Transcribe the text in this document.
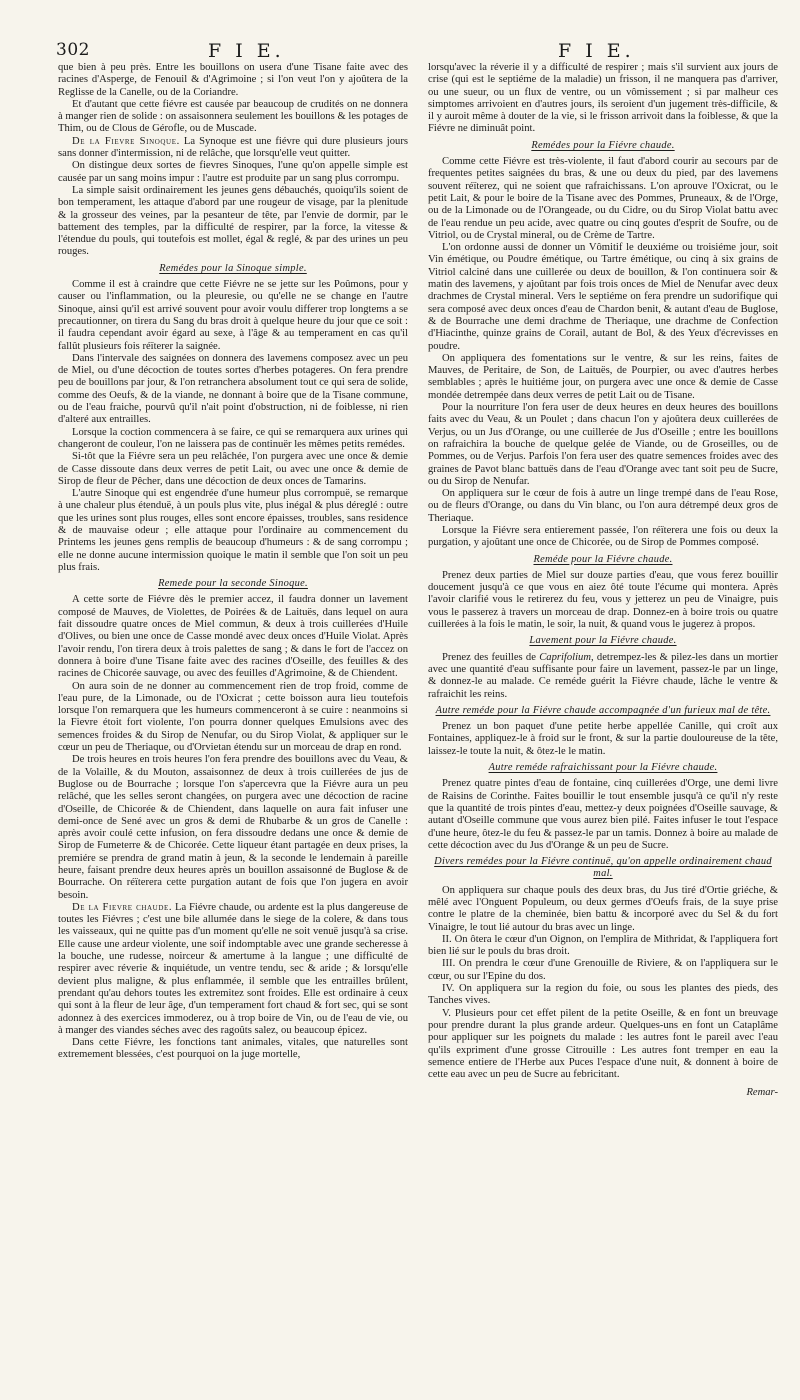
302	F I E.	F I E.

que bien à peu près. Entre les bouillons on usera d'une Tisane faite avec des racines d'Asperge, de Fenouil & d'Agrimoine ; si l'on veut l'on y ajoûtera de la Reglisse de la Canelle, ou de la Coriandre.

Et d'autant que cette fiévre est causée par beaucoup de crudités on ne donnera à manger rien de solide : on assaisonnera seulement les bouillons & les potages de Thim, ou de Clous de Gérofle, ou de Muscade.

De la Fievre Sinoque. La Synoque est une fiévre qui dure plusieurs jours sans donner d'intermission, ni de relâche, que lorsqu'elle veut quitter.

On distingue deux sortes de fievres Sinoques, l'une qu'on appelle simple est causée par un sang moins impur : l'autre est produite par un sang plus corrompu.

La simple saisit ordinairement les jeunes gens débauchés, quoiqu'ils soient de bon temperament, les attaque d'abord par une rougeur de visage, par la plenitude & la grosseur des veines, par la pesanteur de tête, par l'envie de dormir, par le battement des temples, par la difficulté de respirer, par la force, la vitesse & l'étendue du pouls, qui toutefois est mollet, égal & reglé, & par des urines un peu rouges.

Remédes pour la Sinoque simple.

Comme il est à craindre que cette Fiévre ne se jette sur les Poûmons, pour y causer ou l'inflammation, ou la pleuresie, ou qu'elle ne se change en l'autre Sinoque, ainsi qu'il est arrivé souvent pour avoir voulu differer trop longtems a se precautionner, on tirera du Sang du bras droit à quelque heure du jour que ce soit : il faudra cependant avoir égard au sexe, à l'âge & au temperament en cas qu'il fallût plusieurs fois réïterer la saignée.

Dans l'intervale des saignées on donnera des lavemens composez avec un peu de Miel, ou d'une décoction de toutes sortes d'herbes potageres. On fera prendre peu de bouillons par jour, & l'on retranchera absolument tout ce qui sera de solide, comme des Oeufs, & de la viande, ne donnant à boire que de la Tisane commune, ou de l'eau fraiche, pourvû qu'il n'ait point d'obstruction, ni de foiblesse, ni rien d'alteré aux entrailles.

Lorsque la coction commencera à se faire, ce qui se remarquera aux urines qui changeront de couleur, l'on ne laissera pas de continuër les mêmes petits remédes.

Si-tôt que la Fiévre sera un peu relâchée, l'on purgera avec une once & demie de Casse dissoute dans deux verres de petit Lait, ou avec une once & demie de Sirop de fleur de Pêcher, dans une décoction de deux onces de Tamarins.

L'autre Sinoque qui est engendrée d'une humeur plus corrompuë, se remarque à une chaleur plus étenduë, à un pouls plus vite, plus inégal & plus déreglé : outre que les urines sont plus rouges, elles sont encore épaisses, troubles, sans residence & de mauvaise odeur ; elle attaque pour l'ordinaire au commencement du Printems les jeunes gens remplis de beaucoup d'humeurs : & de sang corrompu ; elle ne donne aucune intermission quoique le matin il semble que l'on soit un peu plus frais.

Remede pour la seconde Sinoque.

A cette sorte de Fiévre dès le premier accez, il faudra donner un lavement composé de Mauves, de Violettes, de Poirées & de Laituës, dans lequel on aura fait dissoudre quatre onces de Miel commun, & deux à trois cuillerées d'Huile d'Olives, ou bien une once de Casse mondé avec deux onces d'Huile Violat. Après l'avoir rendu, l'on tirera deux à trois palettes de sang ; & dans le fort de l'accez on donnera à boire d'une Tisane faite avec des racines d'Oseille, des feuilles & des racines de Chicorée sauvage, ou avec des feuilles d'Agrimoine, & de Chiendent.

On aura soin de ne donner au commencement rien de trop froid, comme de l'eau pure, de la Limonade, ou de l'Oxicrat ; cette boisson aura lieu toutefois lorsque l'on remarquera que les humeurs commenceront à se cuire : neanmoins si la Fievre étoit fort violente, l'on pourra donner quelques Emulsions avec des semences froides & du Sirop de Nenufar, ou du Sirop Violat, & appliquer sur le cœur un peu de Theriaque, ou d'Orvietan étendu sur un morceau de drap en rond.

De trois heures en trois heures l'on fera prendre des bouillons avec du Veau, & de la Volaille, & du Mouton, assaisonnez de deux à trois cuillerées de jus de Buglose ou de Bourrache ; lorsque l'on s'apercevra que la Fiévre aura un peu relâché, que les selles seront changées, on purgera avec une décoction de racine d'Oseille, de Chicorée & de Chiendent, dans laquelle on aura fait infuser une demi-once de Sené avec un gros & demi de Rhubarbe & un gros de Canelle : après avoir coulé cette infusion, on fera dissoudre dedans une once & demie de Sirop de Fumeterre & de Chicorée. Cette liqueur étant partagée en deux prises, la premiére se prendra de grand matin à jeun, & la seconde le lendemain à pareille heure, faisant prendre deux heures après un bouillon assaisonné de Buglose & de Bourrache. On réïterera cette purgation autant de fois que l'on jugera en avoir besoin.

De la Fievre chaude. La Fiévre chaude, ou ardente est la plus dangereuse de toutes les Fiévres ; c'est une bile allumée dans le siege de la colere, & dans tous les vaisseaux, qui ne quitte pas d'un moment qu'elle ne soit venuë jusqu'à sa crise. Elle cause une ardeur violente, une soif indomptable avec une grande secheresse à la bouche, une rudesse, noirceur & amertume à la langue ; une difficulté de respirer avec réverie & inquiétude, un ventre tendu, sec & aride ; & lorsqu'elle devient plus maligne, & plus enflammée, il semble que les entrailles brûlent, prendant qu'au dehors toutes les extremitez sont froides. Elle est ordinaire à ceux qui sont à la fleur de leur âge, d'un temperament fort chaud & fort sec, qui se sont adonnez à des exercices immoderez, ou à trop boire de Vin, ou de l'eau de vie, ou à manger des viandes séches avec des ragoûts salez, ou beaucoup épicez.

Dans cette Fiévre, les fonctions tant animales, vitales, que naturelles sont extremement blessées, c'est pourquoi on la juge mortelle,

lorsqu'avec la réverie il y a difficulté de respirer ; mais s'il survient aux jours de crise (qui est le septiéme de la maladie) un frisson, il ne manquera pas d'arriver, ou une sueur, ou un flux de ventre, ou un vômissement ; si par malheur ces simptomes arrivoient en d'autres jours, ils seroient d'un jugement très-difficile, & il y auroit même à douter de la vie, si le frisson arrivoit dans la foiblesse, & que la Fiévre ne diminuât point.

Remédes pour la Fiévre chaude.

Comme cette Fiévre est très-violente, il faut d'abord courir au secours par de frequentes petites saignées du bras, & une ou deux du pied, par des lavemens souvent réïterez, qui ne soient que rafraichissans. L'on aprouve l'Oxicrat, ou le petit Lait, & pour le boire de la Tisane avec des Pommes, Pruneaux, & de l'Orge, ou de la Limonade ou de l'Orangeade, ou du Cidre, ou du Sirop Violat battu avec de l'eau rendue un peu acide, avec quatre ou cinq goutes d'esprit de Soufre, ou de Vitriol, ou de Crystal mineral, ou de Crème de Tartre.

L'on ordonne aussi de donner un Vômitif le deuxiéme ou troisiéme jour, soit Vin émétique, ou Poudre émétique, ou Tartre émétique, ou cinq à six grains de Vitriol calciné dans une cuillerée ou deux de bouillon, & l'on continuera soir & matin des lavemens, y ajoûtant par fois trois onces de Miel de Nenufar avec deux drachmes de Crystal mineral. Vers le septiéme on fera prendre un sudorifique qui sera composé avec deux onces d'eau de Chardon benit, & autant d'eau de Buglose, & de Bourrache une demi drachme de Theriaque, une drachme de Confection d'Hiacinthe, quinze grains de Corail, autant de Bol, & des Yeux d'écrevisses en poudre.

On appliquera des fomentations sur le ventre, & sur les reins, faites de Mauves, de Peritaire, de Son, de Laituës, de Pourpier, ou avec d'autres herbes semblables ; après le huitiéme jour, on purgera avec une once & demie de Casse mondée detrempée dans deux verres de petit Lait ou de Tisane.

Pour la nourriture l'on fera user de deux heures en deux heures des bouillons faits avec du Veau, & un Poulet ; dans chacun l'on y ajoûtera deux cuillerées de Verjus, ou un Jus d'Orange, ou une cuillerée de Jus d'Oseille ; entre les bouillons on rafraichira la bouche de quelque gelée de Viande, ou de Groseilles, ou de Pommes, ou de Verjus. Parfois l'on fera user des quatre semences froides avec des graines de Pavot blanc battuës dans de l'eau d'Orange avec tant soit peu de Sucre, ou du Sirop de Nenufar.

On appliquera sur le cœur de fois à autre un linge trempé dans de l'eau Rose, ou de fleurs d'Orange, ou dans du Vin blanc, ou l'on aura détrempé deux gros de Theriaque.

Lorsque la Fiévre sera entierement passée, l'on réïterera une fois ou deux la purgation, y ajoûtant une once de Chicorée, ou de Sirop de Pommes composé.

Reméde pour la Fiévre chaude.

Prenez deux parties de Miel sur douze parties d'eau, que vous ferez bouillir doucement jusqu'à ce que vous en aiez ôté toute l'écume qui montera. Après l'avoir clarifié vous le retirerez du feu, vous y jetterez un peu de Vinaigre, puis vous le passerez à travers un morceau de drap. Donnez-en à boire trois ou quatre cuillerées à la fois le matin, le soir, la nuit, & quand vous le jugerez à propos.

Lavement pour la Fiévre chaude.

Prenez des feuilles de Caprifolium, detrempez-les & pilez-les dans un mortier avec une quantité d'eau suffisante pour faire un lavement, passez-le par un linge, & donnez-le au malade. Ce reméde guérit la Fiévre chaude, lâche le ventre & rafraichit les reins.

Autre reméde pour la Fiévre chaude accompagnée d'un furieux mal de tête.

Prenez un bon paquet d'une petite herbe appellée Canille, qui croît aux Fontaines, appliquez-le à froid sur le front, & sur la partie douloureuse de la tête, laissez-le toute la nuit, & ôtez-le le matin.

Autre reméde rafraichissant pour la Fiévre chaude.

Prenez quatre pintes d'eau de fontaine, cinq cuillerées d'Orge, une demi livre de Raisins de Corinthe. Faites bouillir le tout ensemble jusqu'à ce qu'il n'y reste que la quantité de trois pintes d'eau, mettez-y deux poignées d'Oseille sauvage, & autant d'Oseille commune que vous aurez bien pilé. Faites infuser le tout l'espace d'une heure, ôtez-le du feu & passez-le par un tamis. Donnez à boire au malade de cette décoction avec du Jus d'Orange & un peu de Sucre.

Divers remédes pour la Fiévre continuë, qu'on appelle ordinairement chaud mal.

On appliquera sur chaque pouls des deux bras, du Jus tiré d'Ortie griéche, & mêlé avec l'Onguent Populeum, ou deux germes d'Oeufs frais, de la suye prise contre le platre de la cheminée, bien battu & incorporé avec du Sel & du fort Vinaigre, le tout lié autour du bras avec un linge.

II. On ôtera le cœur d'un Oignon, on l'emplira de Mithridat, & l'appliquera fort bien lié sur le pouls du bras droit.

III. On prendra le cœur d'une Grenouille de Riviere, & on l'appliquera sur le cœur, ou sur l'Epine du dos.

IV. On appliquera sur la region du foie, ou sous les plantes des pieds, des Tanches vives.

V. Plusieurs pour cet effet pilent de la petite Oseille, & en font un breuvage pour prendre durant la plus grande ardeur. Quelques-uns en font un Cataplâme pour appliquer sur les poignets du malade : les autres font le pareil avec l'eau qu'ils expriment d'une grosse Citrouille : Les autres font tremper en eau la semence entiere de l'Herbe aux Puces l'espace d'une nuit, & donnent à boire de cette eau avec un peu de Sucre au febricitant.

Remar-
